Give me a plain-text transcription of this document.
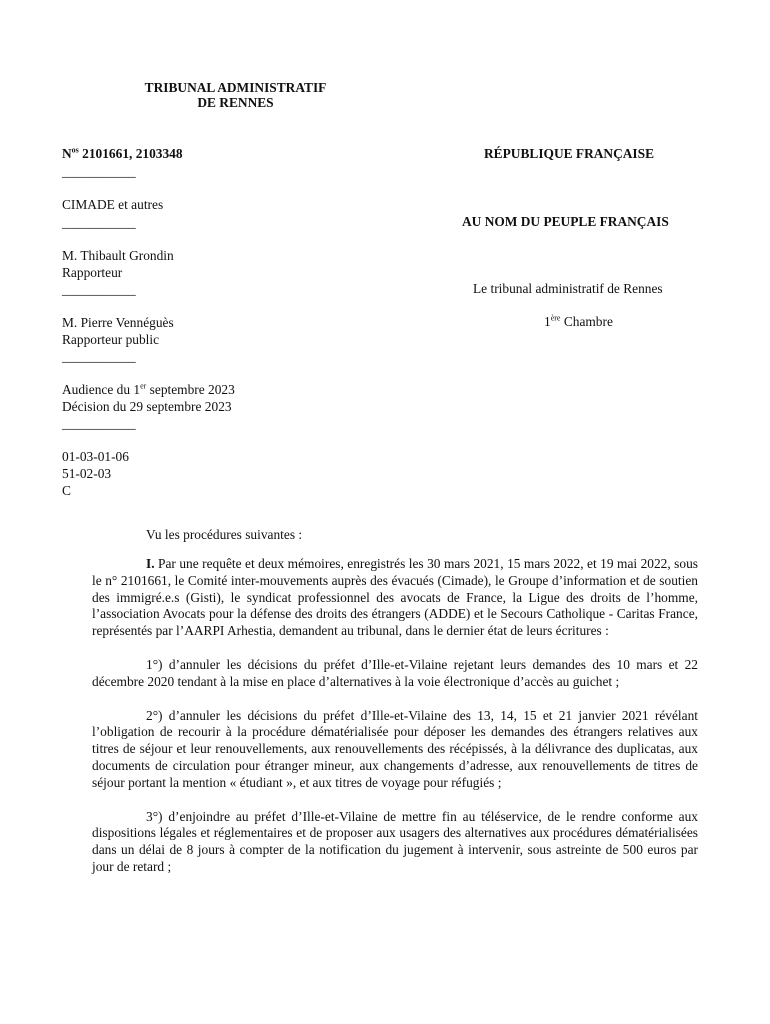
TRIBUNAL ADMINISTRATIF
DE RENNES
$N^{os}$ 2101661, 2103348
___________
CIMADE et autres
___________
M. Thibault Grondin
Rapporteur
___________
M. Pierre Vennéguès
Rapporteur public
___________
Audience du 1er septembre 2023
Décision du 29 septembre 2023
___________
01-03-01-06
51-02-03
C
RÉPUBLIQUE FRANÇAISE
AU NOM DU PEUPLE FRANÇAIS
Le tribunal administratif de Rennes
1ère Chambre
Vu les procédures suivantes :

I. Par une requête et deux mémoires, enregistrés les 30 mars 2021, 15 mars 2022, et 19 mai 2022, sous le n° 2101661, le Comité inter-mouvements auprès des évacués (Cimade), le Groupe d’information et de soutien des immigré.e.s (Gisti), le syndicat professionnel des avocats de France, la Ligue des droits de l’homme, l’association Avocats pour la défense des droits des étrangers (ADDE) et le Secours Catholique - Caritas France, représentés par l’AARPI Arhestia, demandent au tribunal, dans le dernier état de leurs écritures :

1°) d’annuler les décisions du préfet d’Ille-et-Vilaine rejetant leurs demandes des 10 mars et 22 décembre 2020 tendant à la mise en place d’alternatives à la voie électronique d’accès au guichet ;

2°) d’annuler les décisions du préfet d’Ille-et-Vilaine des 13, 14, 15 et 21 janvier 2021 révélant l’obligation de recourir à la procédure dématérialisée pour déposer les demandes des étrangers relatives aux titres de séjour et leur renouvellements, aux renouvellements des récépissés, à la délivrance des duplicatas, aux documents de circulation pour étranger mineur, aux changements d’adresse, aux renouvellements de titres de séjour portant la mention « étudiant », et aux titres de voyage pour réfugiés ;

3°) d’enjoindre au préfet d’Ille-et-Vilaine de mettre fin au téléservice, de le rendre conforme aux dispositions légales et réglementaires et de proposer aux usagers des alternatives aux procédures dématérialisées dans un délai de 8 jours à compter de la notification du jugement à intervenir, sous astreinte de 500 euros par jour de retard ;
